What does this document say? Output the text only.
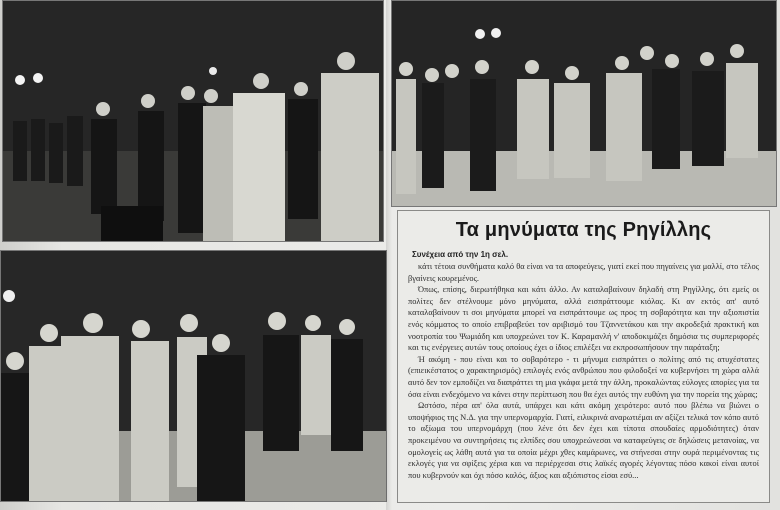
Τα μηνύματα της Ρηγίλλης
Συνέχεια από την 1η σελ.

κάτι τέτοια συνθήματα καλό θα είναι να τα αποφεύγεις, γιατί εκεί που πηγαίνεις για μαλλί, στο τέλος βγαίνεις κουρεμένος.

Όπως, επίσης, διερωτήθηκα και κάτι άλλο. Αν καταλαβαίνουν δηλαδή στη Ρηγίλλης, ότι εμείς οι πολίτες δεν στέλνουμε μόνο μηνύματα, αλλά εισπράττουμε κιόλας. Κι αν εκτός απ' αυτό καταλαβαίνουν τι σοι μηνύματα μπορεί να εισπράττουμε ως προς τη σοβαρότητα και την αξιοπιστία ενός κόμματος το οποίο επιβραβεύει τον αριβισμό του Τζαννετάκου και την ακροδεξιά πρακτική και νοοτροπία του Ψωμιάδη και υποχρεώνει τον Κ. Καραμανλή ν' αποδοκιμάζει δημόσια τις συμπεριφορές και τις ενέργειες αυτών τους οποίους έχει ο ίδιος επιλέξει να εκπροσωπήσουν την παράταξη;

Ή ακόμη - που είναι και το σοβαρότερο - τι μήνυμα εισπράττει ο πολίτης από τις ατυχέστατες (επιεικέστατος ο χαρακτηρισμός) επιλογές ενός ανθρώπου που φιλοδοξεί να κυβερνήσει τη χώρα αλλά αυτό δεν τον εμποδίζει να διαπράττει τη μια γκάφα μετά την άλλη, προκαλώντας εύλογες απορίες για τα όσα είναι ενδεχόμενο να κάνει στην περίπτωση που θα έχει αυτός την ευθύνη για την πορεία της χώρας;

Ωστόσο, πέρα απ' όλα αυτά, υπάρχει και κάτι ακόμη χειρότερο: αυτό που βλέπω να βιώνει ο υποψήφιος της Ν.Δ. για την υπερνομαρχία. Γιατί, ειλικρινά αναρωτιέμαι αν αξίζει τελικά τον κόπο αυτό το αξίωμα του υπερνομάρχη (που λένε ότι δεν έχει και τίποτα σπουδαίες αρμοδιότητες) όταν προκειμένου να συντηρήσεις τις ελπίδες σου υποχρεώνεσαι να καταφεύγεις σε δηλώσεις μετανοίας, να ομολογείς ως λάθη αυτά για τα οποία μέχρι χθες καμάρωνες, να στήνεσαι στην ουρά περιμένοντας τις εκλογές για να σφίξεις χέρια και να περιέρχεσαι στις λαϊκές αγορές λέγοντας πόσο κακοί είναι αυτοί που κυβερνούν και όχι πόσο καλός, άξιος και αξιόπιστος είσαι εσύ...
